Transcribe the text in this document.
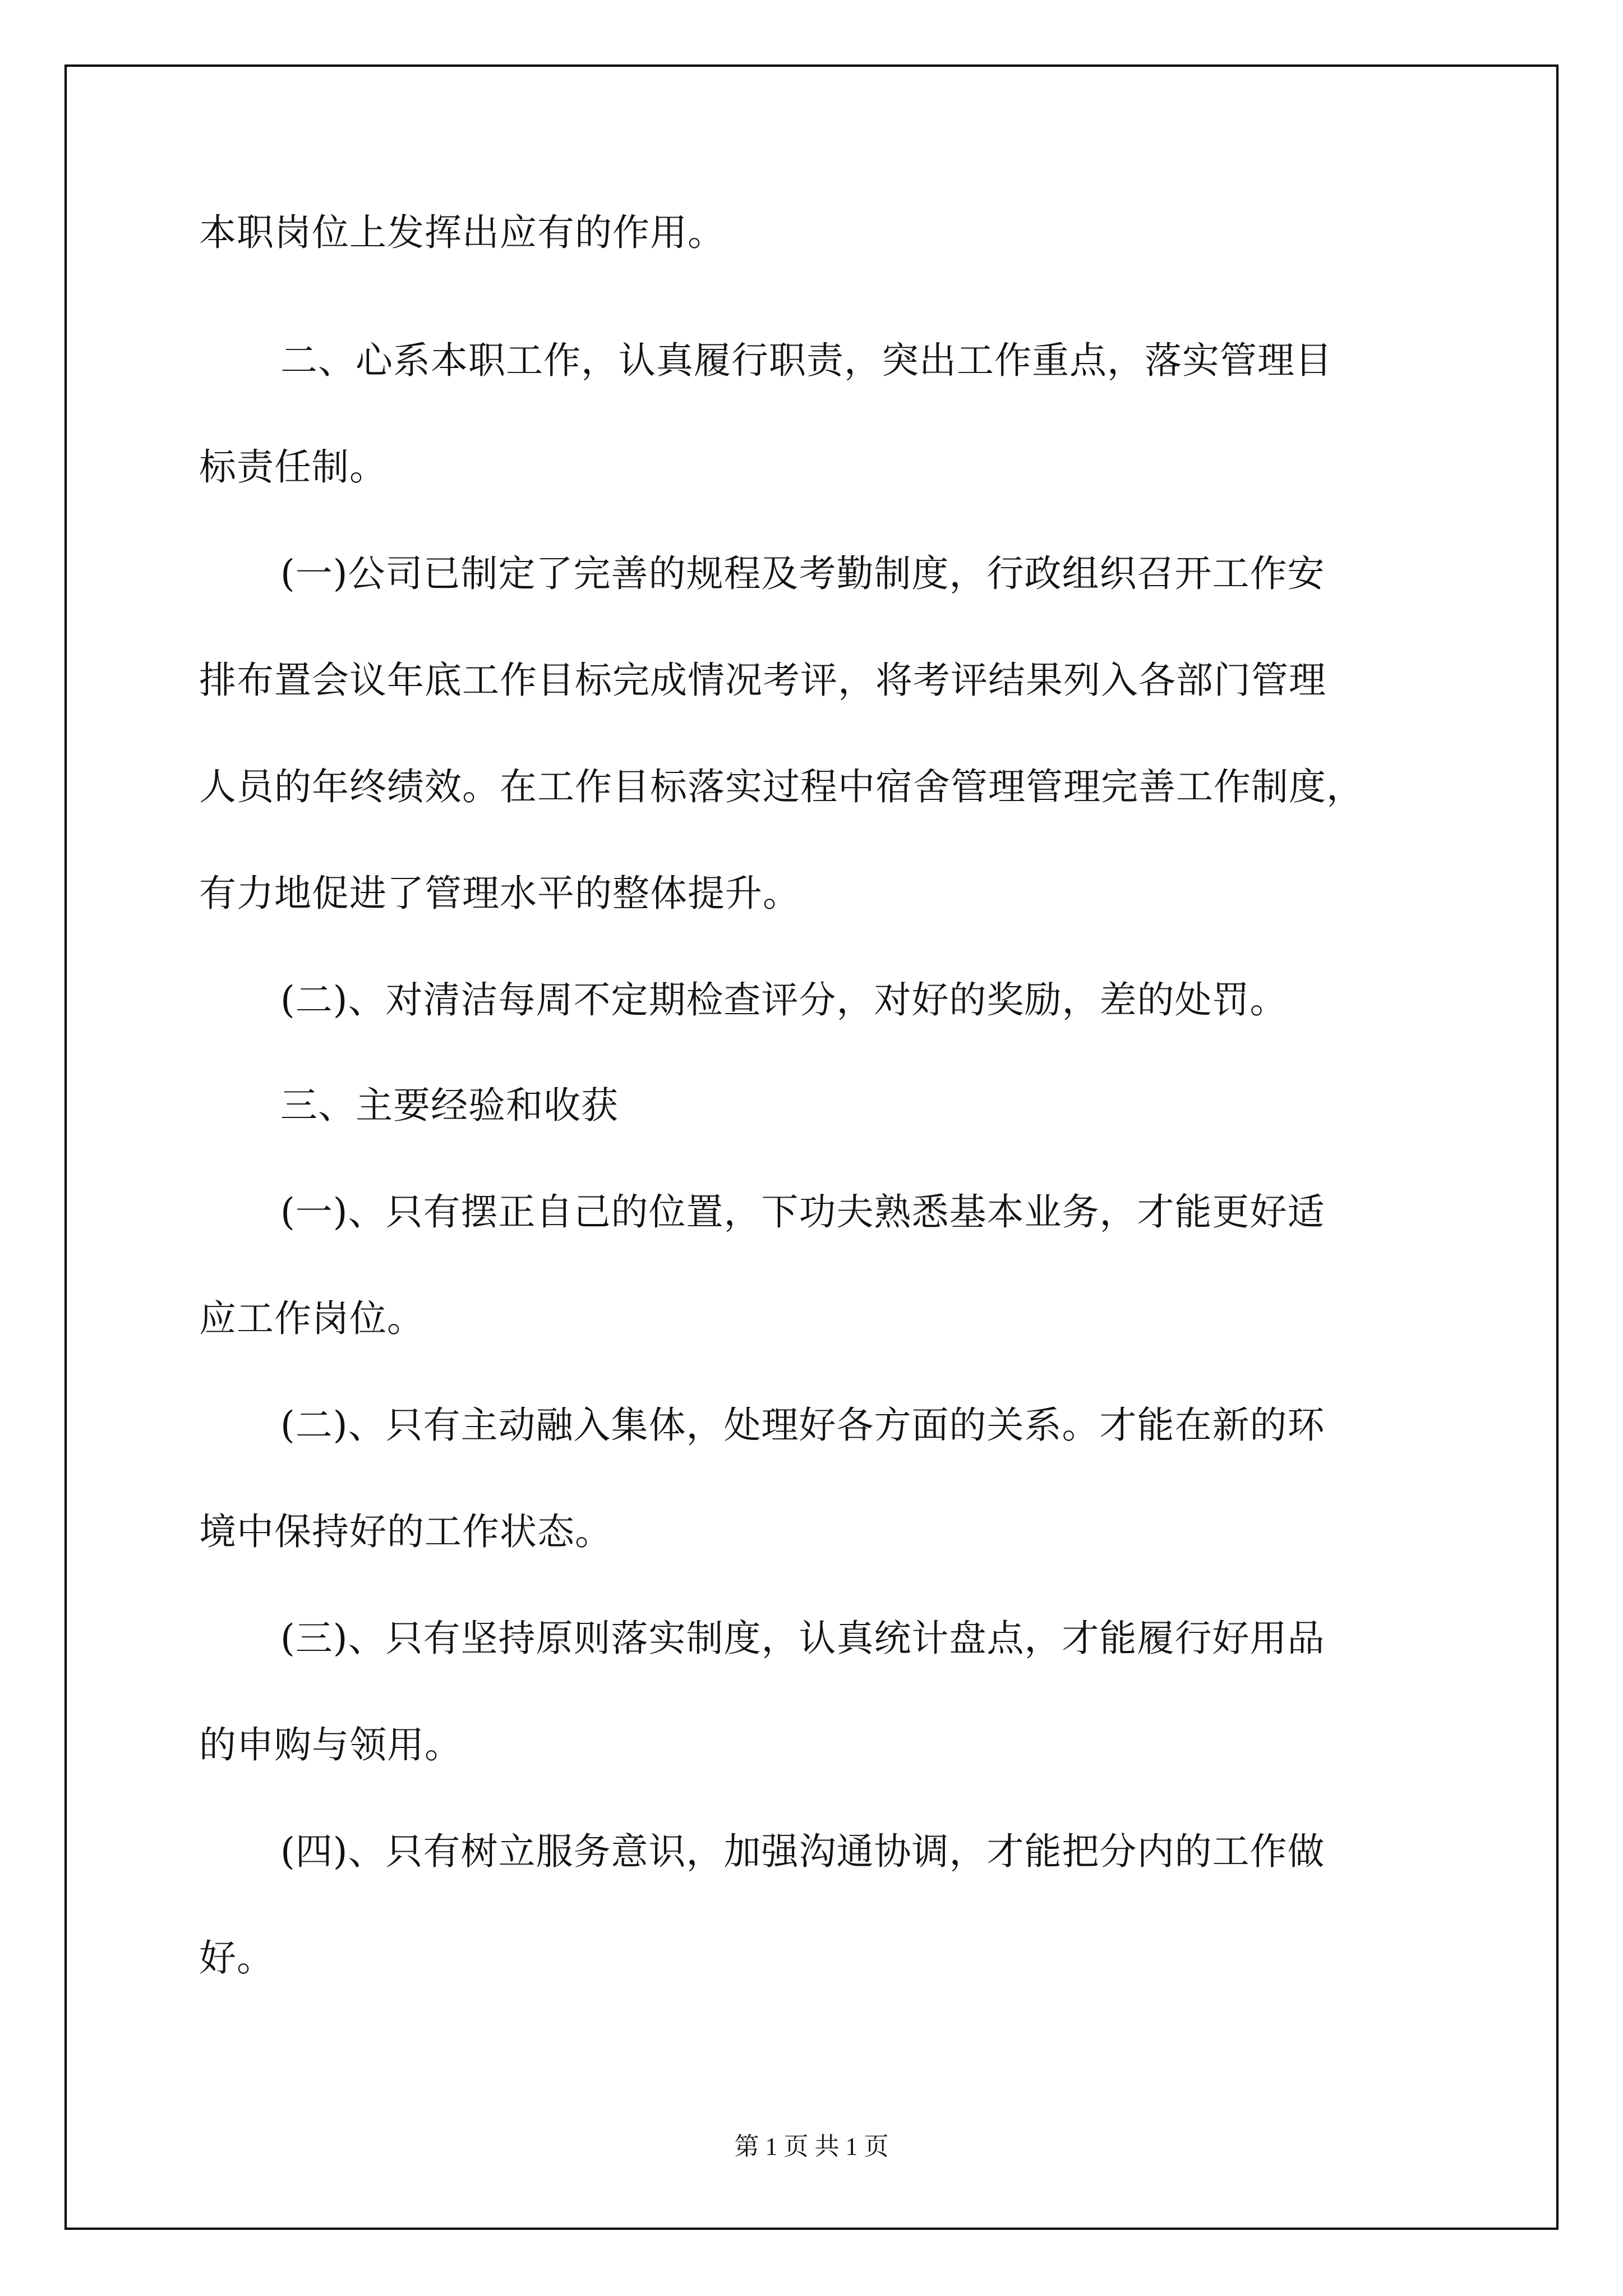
本职岗位上发挥出应有的作用。
二、心系本职工作，认真履行职责，突出工作重点，落实管理目
标责任制。
(一)公司已制定了完善的规程及考勤制度，行政组织召开工作安
排布置会议年底工作目标完成情况考评，将考评结果列入各部门管理
人员的年终绩效。在工作目标落实过程中宿舍管理管理完善工作制度，
有力地促进了管理水平的整体提升。
(二)、对清洁每周不定期检查评分，对好的奖励，差的处罚。
三、主要经验和收获
(一)、只有摆正自己的位置，下功夫熟悉基本业务，才能更好适
应工作岗位。
(二)、只有主动融入集体，处理好各方面的关系。才能在新的环
境中保持好的工作状态。
(三)、只有坚持原则落实制度，认真统计盘点，才能履行好用品
的申购与领用。
(四)、只有树立服务意识，加强沟通协调，才能把分内的工作做
好。
第 1 页 共 1 页
